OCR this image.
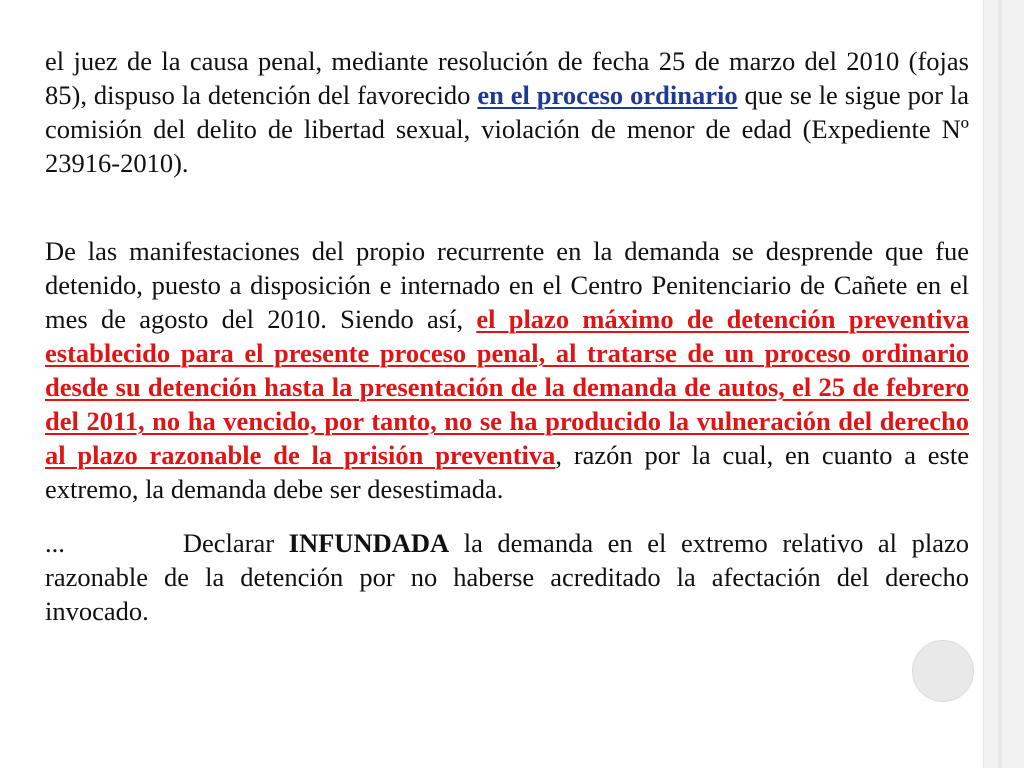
el juez de la causa penal, mediante resolución de fecha 25 de marzo del 2010 (fojas 85), dispuso la detención del favorecido en el proceso ordinario que se le sigue por la comisión del delito de libertad sexual, violación de menor de edad (Expediente Nº 23916-2010).

De las manifestaciones del propio recurrente en la demanda se desprende que fue detenido, puesto a disposición e internado en el Centro Penitenciario de Cañete en el mes de agosto del 2010. Siendo así, el plazo máximo de detención preventiva establecido para el presente proceso penal, al tratarse de un proceso ordinario desde su detención hasta la presentación de la demanda de autos, el 25 de febrero del 2011, no ha vencido, por tanto, no se ha producido la vulneración del derecho al plazo razonable de la prisión preventiva, razón por la cual, en cuanto a este extremo, la demanda debe ser desestimada.

...	Declarar INFUNDADA la demanda en el extremo relativo al plazo razonable de la detención por no haberse acreditado la afectación del derecho invocado.
